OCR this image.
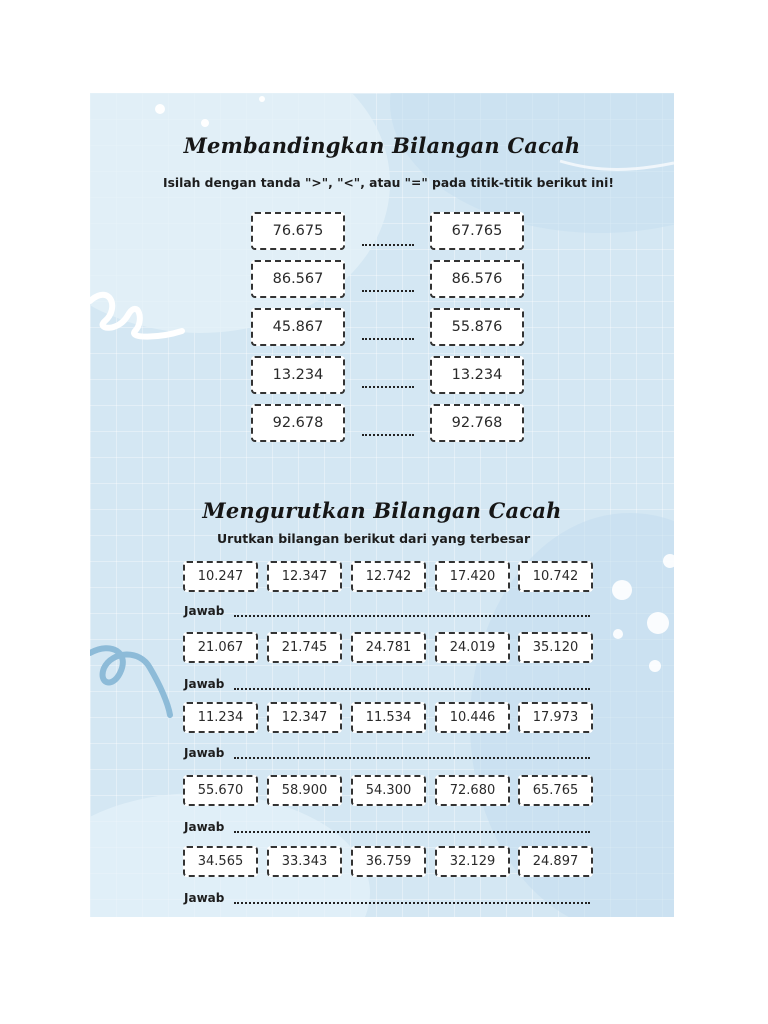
Membandingkan Bilangan Cacah
Isilah dengan tanda ">", "<", atau "=" pada titik-titik berikut ini!
76.675	67.765
86.567	86.576
45.867	55.876
13.234	13.234
92.678	92.768
Mengurutkan Bilangan Cacah
Urutkan bilangan berikut dari yang terbesar
10.247	12.347	12.742	17.420	10.742
Jawab
21.067	21.745	24.781	24.019	35.120
Jawab
11.234	12.347	11.534	10.446	17.973
Jawab
55.670	58.900	54.300	72.680	65.765
Jawab
34.565	33.343	36.759	32.129	24.897
Jawab
